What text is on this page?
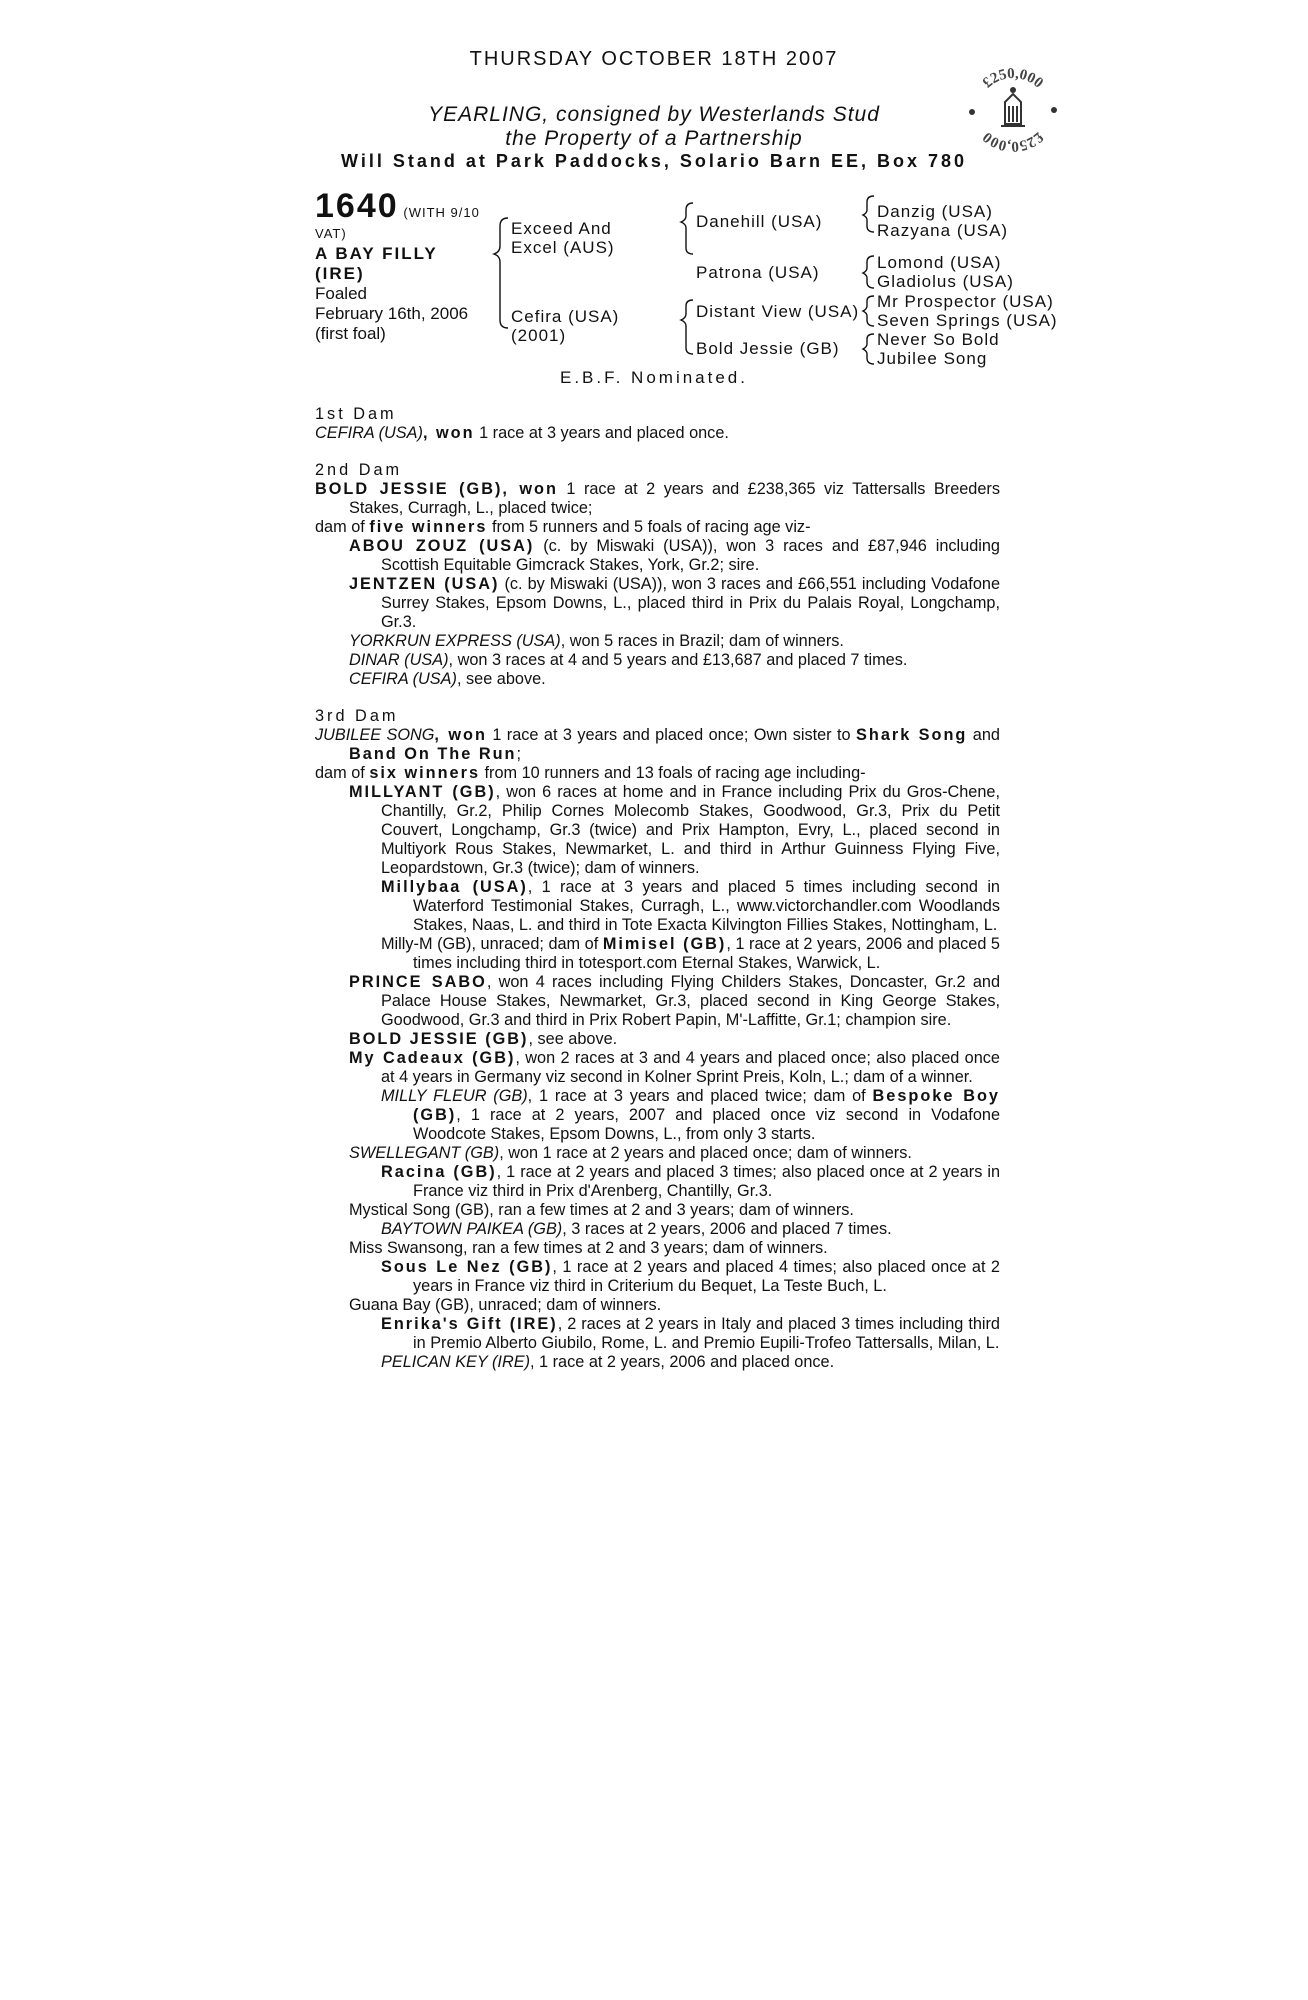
THURSDAY OCTOBER 18TH 2007
YEARLING, consigned by Westerlands Stud
the Property of a Partnership
Will Stand at Park Paddocks, Solario Barn EE, Box 780
£250,000
£250,000
1640 (WITH 9/10 VAT)
A BAY FILLY (IRE)
Foaled
February 16th, 2006
(first foal)
Exceed And Excel (AUS)
Cefira (USA) (2001)
Danehill (USA)
Patrona (USA)
Distant View (USA)
Bold Jessie (GB)
Danzig (USA)
Razyana (USA)
Lomond (USA)
Gladiolus (USA)
Mr Prospector (USA)
Seven Springs (USA)
Never So Bold
Jubilee Song
E.B.F. Nominated.

1st Dam

CEFIRA (USA), won 1 race at 3 years and placed once.

2nd Dam

BOLD JESSIE (GB), won 1 race at 2 years and £238,365 viz Tattersalls Breeders Stakes, Curragh, L., placed twice;

dam of five winners from 5 runners and 5 foals of racing age viz-

ABOU ZOUZ (USA) (c. by Miswaki (USA)), won 3 races and £87,946 including Scottish Equitable Gimcrack Stakes, York, Gr.2; sire.

JENTZEN (USA) (c. by Miswaki (USA)), won 3 races and £66,551 including Vodafone Surrey Stakes, Epsom Downs, L., placed third in Prix du Palais Royal, Longchamp, Gr.3.

YORKRUN EXPRESS (USA), won 5 races in Brazil; dam of winners.

DINAR (USA), won 3 races at 4 and 5 years and £13,687 and placed 7 times.

CEFIRA (USA), see above.

3rd Dam

JUBILEE SONG, won 1 race at 3 years and placed once; Own sister to Shark Song and Band On The Run;

dam of six winners from 10 runners and 13 foals of racing age including-

MILLYANT (GB), won 6 races at home and in France including Prix du Gros-Chene, Chantilly, Gr.2, Philip Cornes Molecomb Stakes, Goodwood, Gr.3, Prix du Petit Couvert, Longchamp, Gr.3 (twice) and Prix Hampton, Evry, L., placed second in Multiyork Rous Stakes, Newmarket, L. and third in Arthur Guinness Flying Five, Leopardstown, Gr.3 (twice); dam of winners.

Millybaa (USA), 1 race at 3 years and placed 5 times including second in Waterford Testimonial Stakes, Curragh, L., www.victorchandler.com Woodlands Stakes, Naas, L. and third in Tote Exacta Kilvington Fillies Stakes, Nottingham, L.

Milly-M (GB), unraced; dam of Mimisel (GB), 1 race at 2 years, 2006 and placed 5 times including third in totesport.com Eternal Stakes, Warwick, L.

PRINCE SABO, won 4 races including Flying Childers Stakes, Doncaster, Gr.2 and Palace House Stakes, Newmarket, Gr.3, placed second in King George Stakes, Goodwood, Gr.3 and third in Prix Robert Papin, M'-Laffitte, Gr.1; champion sire.

BOLD JESSIE (GB), see above.

My Cadeaux (GB), won 2 races at 3 and 4 years and placed once; also placed once at 4 years in Germany viz second in Kolner Sprint Preis, Koln, L.; dam of a winner.

MILLY FLEUR (GB), 1 race at 3 years and placed twice; dam of Bespoke Boy (GB), 1 race at 2 years, 2007 and placed once viz second in Vodafone Woodcote Stakes, Epsom Downs, L., from only 3 starts.

SWELLEGANT (GB), won 1 race at 2 years and placed once; dam of winners.

Racina (GB), 1 race at 2 years and placed 3 times; also placed once at 2 years in France viz third in Prix d'Arenberg, Chantilly, Gr.3.

Mystical Song (GB), ran a few times at 2 and 3 years; dam of winners.

BAYTOWN PAIKEA (GB), 3 races at 2 years, 2006 and placed 7 times.

Miss Swansong, ran a few times at 2 and 3 years; dam of winners.

Sous Le Nez (GB), 1 race at 2 years and placed 4 times; also placed once at 2 years in France viz third in Criterium du Bequet, La Teste Buch, L.

Guana Bay (GB), unraced; dam of winners.

Enrika's Gift (IRE), 2 races at 2 years in Italy and placed 3 times including third in Premio Alberto Giubilo, Rome, L. and Premio Eupili-Trofeo Tattersalls, Milan, L.

PELICAN KEY (IRE), 1 race at 2 years, 2006 and placed once.
